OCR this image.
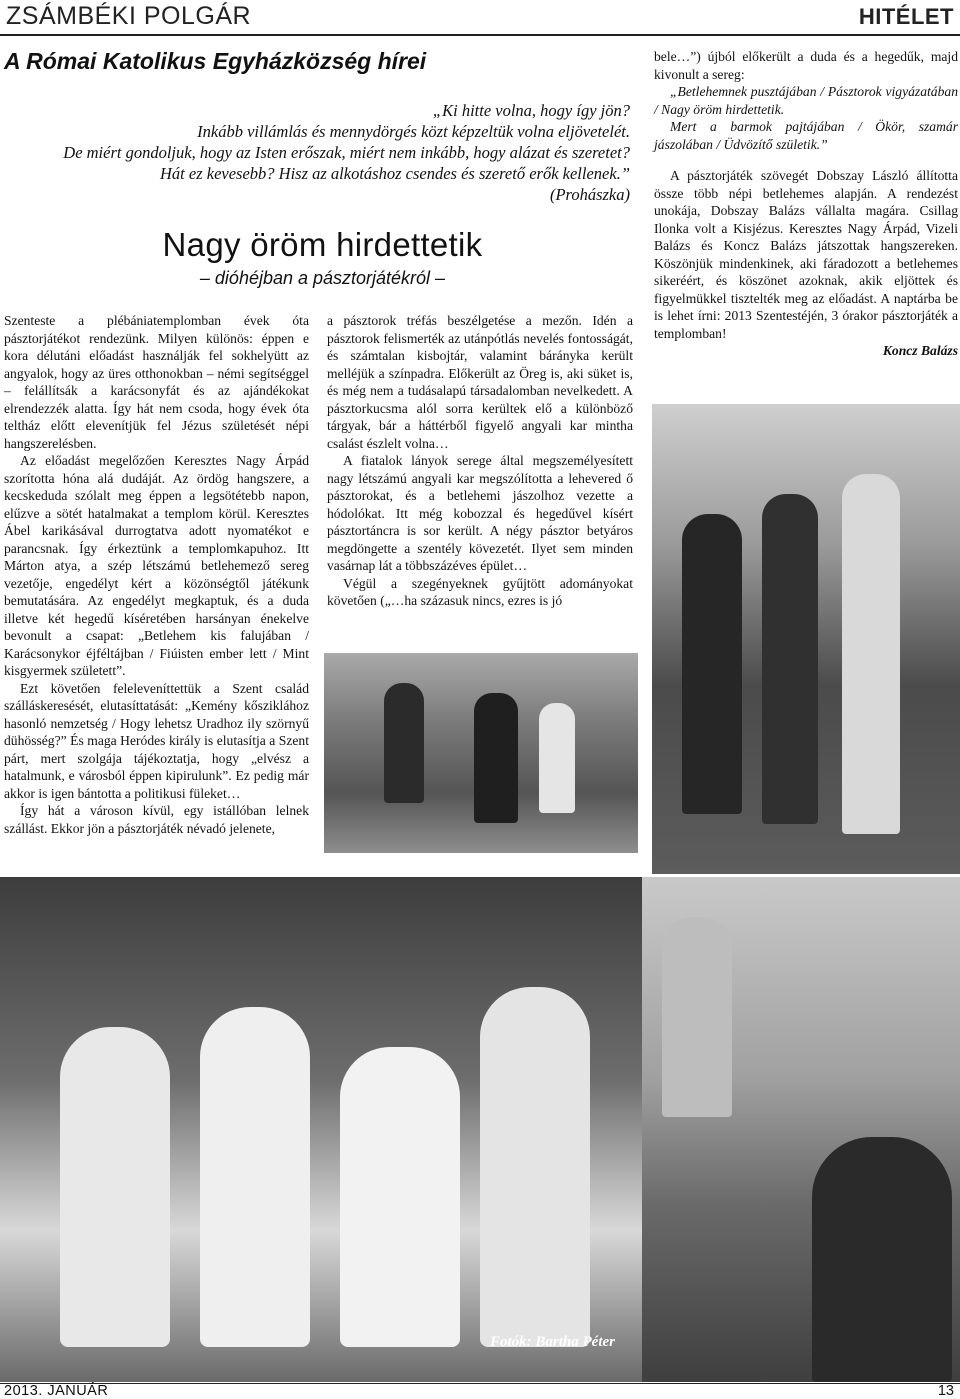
ZSÁMBÉKI POLGÁR	HITÉLET
A Római Katolikus Egyházközség hírei
„Ki hitte volna, hogy így jön?
Inkább villámlás és mennydörgés közt képzeltük volna eljövetelét.
De miért gondoljuk, hogy az Isten erőszak, miért nem inkább, hogy alázat és szeretet?
Hát ez kevesebb? Hisz az alkotáshoz csendes és szerető erők kellenek.”
(Prohászka)
Nagy öröm hirdettetik
– dióhéjban a pásztorjátékról –

Szenteste a plébániatemplomban évek óta pásztorjátékot rendezünk. Milyen különös: éppen e kora délutáni előadást használják fel sokhelyütt az angyalok, hogy az üres otthonokban – némi segítséggel – felállítsák a karácsonyfát és az ajándékokat elrendezzék alatta. Így hát nem csoda, hogy évek óta teltház előtt elevenítjük fel Jézus születését népi hangszerelésben.

Az előadást megelőzően Keresztes Nagy Árpád szorította hóna alá dudáját. Az ördög hangszere, a kecskeduda szólalt meg éppen a legsötétebb napon, elűzve a sötét hatalmakat a templom körül. Keresztes Ábel karikásával durrogtatva adott nyomatékot e parancsnak. Így érkeztünk a templomkapuhoz. Itt Márton atya, a szép létszámú betlehemező sereg vezetője, engedélyt kért a közönségtől játékunk bemutatására. Az engedélyt megkaptuk, és a duda illetve két hegedű kíséretében harsányan énekelve bevonult a csapat: „Betlehem kis falujában / Karácsonykor éjféltájban / Fiúisten ember lett / Mint kisgyermek született”.

Ezt követően feleleveníttettük a Szent család szálláskeresését, elutasíttatását: „Kemény kősziklához hasonló nemzetség / Hogy lehetsz Uradhoz ily szörnyű dühösség?” És maga Heródes király is elutasítja a Szent párt, mert szolgája tájékoztatja, hogy „elvész a hatalmunk, e városból éppen kipirulunk”. Ez pedig már akkor is igen bántotta a politikusi füleket…

Így hát a városon kívül, egy istállóban lelnek szállást. Ekkor jön a pásztorjáték névadó jelenete,

a pásztorok tréfás beszélgetése a mezőn. Idén a pásztorok felismerték az utánpótlás nevelés fontosságát, és számtalan kisbojtár, valamint bárányka került melléjük a színpadra. Előkerült az Öreg is, aki süket is, és még nem a tudásalapú társadalomban nevelkedett. A pásztorkucsma alól sorra kerültek elő a különböző tárgyak, bár a háttérből figyelő angyali kar mintha csalást észlelt volna…

A fiatalok lányok serege által megszemélyesített nagy létszámú angyali kar megszólította a lehevered ő pásztorokat, és a betlehemi jászolhoz vezette a hódolókat. Itt még kobozzal és hegedűvel kísért pásztortáncra is sor került. A négy pásztor betyáros megdöngette a szentély kövezetét. Ilyet sem minden vasárnap lát a többszázéves épület…

Végül a szegényeknek gyűjtött adományokat követően („…ha százasuk nincs, ezres is jó

bele…”) újból előkerült a duda és a hegedűk, majd kivonult a sereg:

„Betlehemnek pusztájában / Pásztorok vigyázatában / Nagy öröm hirdettetik.

Mert a barmok pajtájában / Ökör, szamár jászolában / Üdvözítő születik.”

A pásztorjáték szövegét Dobszay László állította össze több népi betlehemes alapján. A rendezést unokája, Dobszay Balázs vállalta magára. Csillag Ilonka volt a Kisjézus. Keresztes Nagy Árpád, Vizeli Balázs és Koncz Balázs játszottak hangszereken. Köszönjük mindenkinek, aki fáradozott a betlehemes sikeréért, és köszönet azoknak, akik eljöttek és figyelmükkel tisztelték meg az előadást. A naptárba be is lehet írni: 2013 Szentestéjén, 3 órakor pásztorjáték a templomban!

Koncz Balázs

Fotók: Bartha Péter
2013. JANUÁR	13
